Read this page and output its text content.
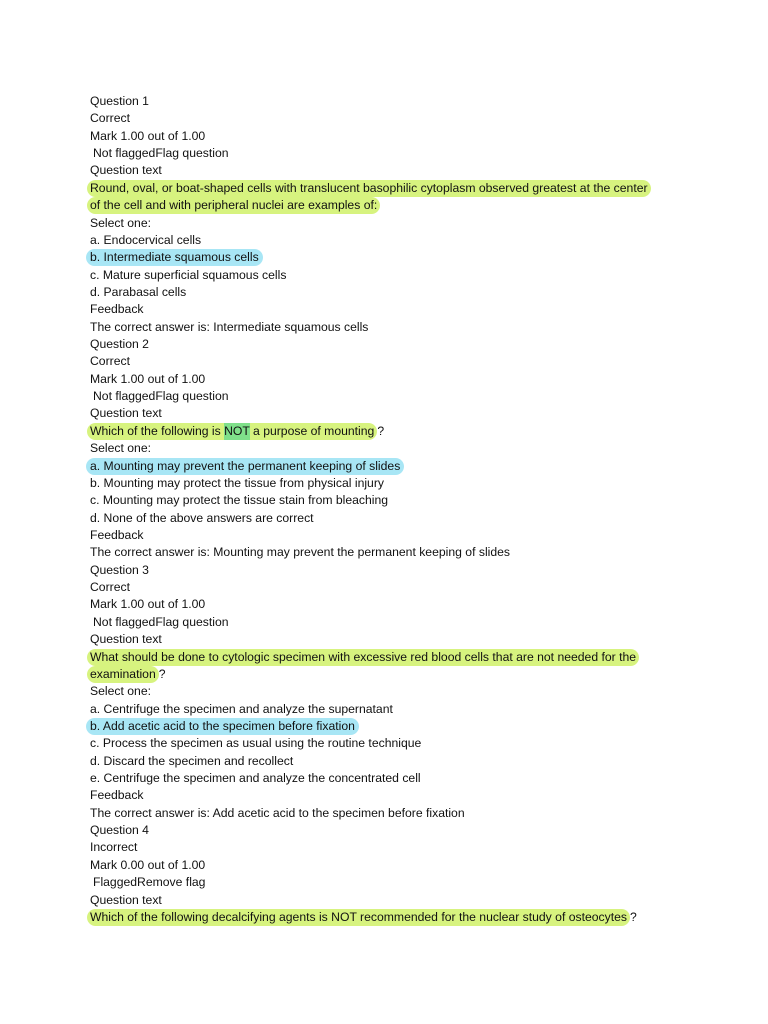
Question 1
Correct
Mark 1.00 out of 1.00
Not flaggedFlag question
Question text
Round, oval, or boat-shaped cells with translucent basophilic cytoplasm observed greatest at the center
of the cell and with peripheral nuclei are examples of:
Select one:
a. Endocervical cells
b. Intermediate squamous cells
c. Mature superficial squamous cells
d. Parabasal cells
Feedback
The correct answer is: Intermediate squamous cells
Question 2
Correct
Mark 1.00 out of 1.00
Not flaggedFlag question
Question text
Which of the following is NOT a purpose of mounting ?
Select one:
a. Mounting may prevent the permanent keeping of slides
b. Mounting may protect the tissue from physical injury
c. Mounting may protect the tissue stain from bleaching
d. None of the above answers are correct
Feedback
The correct answer is: Mounting may prevent the permanent keeping of slides
Question 3
Correct
Mark 1.00 out of 1.00
Not flaggedFlag question
Question text
What should be done to cytologic specimen with excessive red blood cells that are not needed for the
examination ?
Select one:
a. Centrifuge the specimen and analyze the supernatant
b. Add acetic acid to the specimen before fixation
c. Process the specimen as usual using the routine technique
d. Discard the specimen and recollect
e. Centrifuge the specimen and analyze the concentrated cell
Feedback
The correct answer is: Add acetic acid to the specimen before fixation
Question 4
Incorrect
Mark 0.00 out of 1.00
FlaggedRemove flag
Question text
Which of the following decalcifying agents is NOT recommended for the nuclear study of osteocytes ?
